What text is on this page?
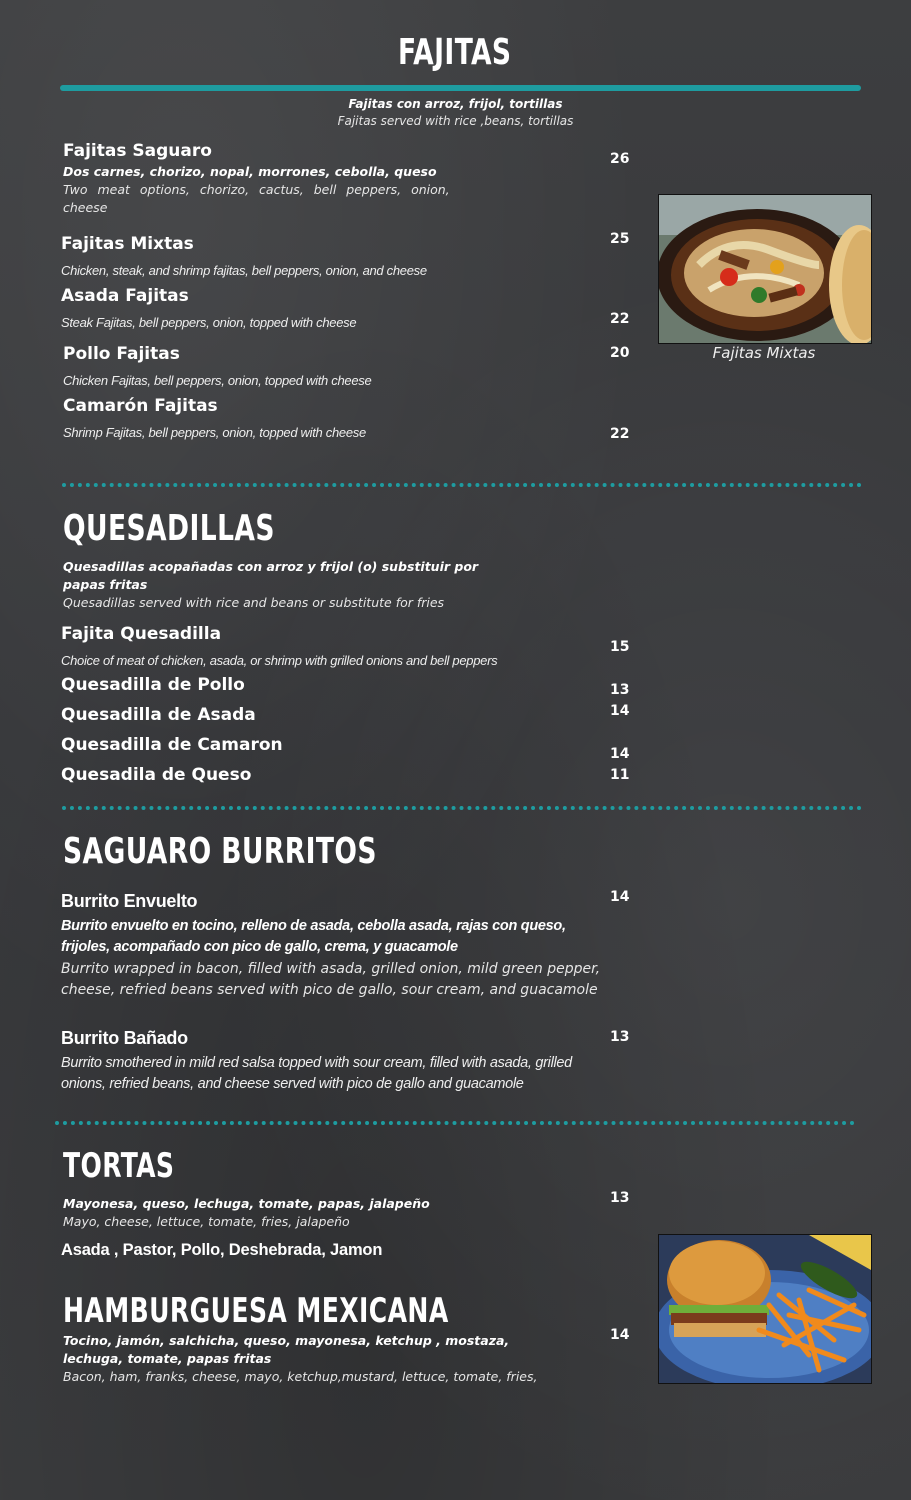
FAJITAS
Fajitas con arroz, frijol, tortillas
Fajitas served with rice ,beans, tortillas
Fajitas Saguaro
Dos carnes, chorizo, nopal, morrones, cebolla, queso
Two meat options, chorizo, cactus, bell peppers, onion,
cheese
26
Fajitas Mixtas
Chicken, steak, and shrimp fajitas, bell peppers, onion, and cheese
25
Asada Fajitas
Steak Fajitas, bell peppers, onion, topped with cheese	22
Pollo Fajitas
Chicken Fajitas, bell peppers, onion, topped with cheese
20
Camarón Fajitas
Shrimp Fajitas, bell peppers, onion, topped with cheese	22
Fajitas Mixtas
QUESADILLAS
Quesadillas acopañadas con arroz y frijol (o) substituir por
papas fritas
Quesadillas served with rice and beans or substitute for fries
Fajita Quesadilla
Choice of meat of chicken, asada, or shrimp with grilled onions and bell peppers
15
Quesadilla de Pollo	13
Quesadilla de Asada	14
Quesadilla de Camaron	14
Quesadila de Queso	11
SAGUARO BURRITOS
Burrito Envuelto
Burrito envuelto en tocino, relleno de asada, cebolla asada, rajas con queso,
frijoles, acompañado con pico de gallo, crema, y guacamole
Burrito wrapped in bacon, filled with asada, grilled onion, mild green pepper,
cheese, refried beans served with pico de gallo, sour cream, and guacamole
14
Burrito Bañado
Burrito smothered in mild red salsa topped with sour cream, filled with asada, grilled
onions, refried beans, and cheese served with pico de gallo and guacamole
13
TORTAS
Mayonesa, queso, lechuga, tomate, papas, jalapeño
Mayo, cheese, lettuce, tomate, fries, jalapeño
Asada , Pastor, Pollo, Deshebrada, Jamon
13
HAMBURGUESA MEXICANA
Tocino, jamón, salchicha, queso, mayonesa, ketchup , mostaza,
lechuga, tomate, papas fritas
Bacon, ham, franks, cheese, mayo, ketchup,mustard, lettuce, tomate, fries,
14
